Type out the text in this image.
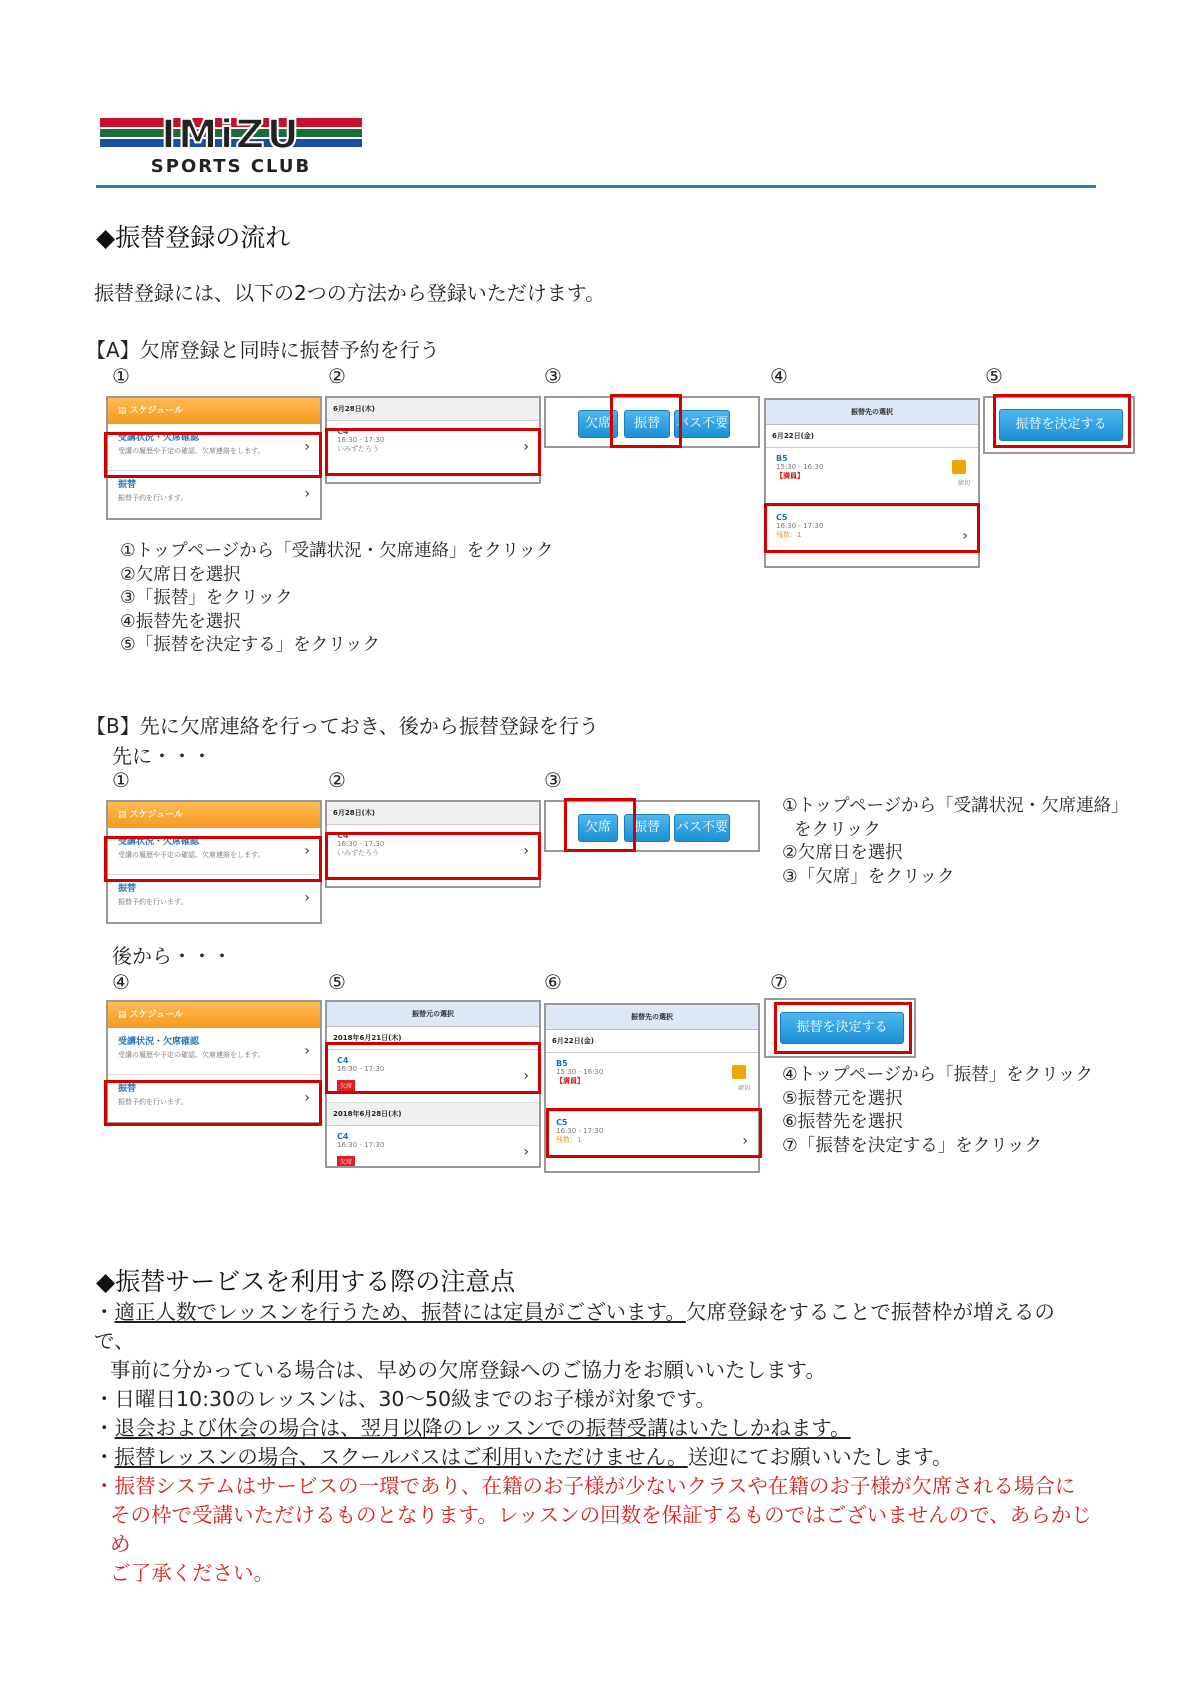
IMiZU
SPORTS CLUB
◆振替登録の流れ
振替登録には、以下の2つの方法から登録いただけます。
【A】欠席登録と同時に振替予約を行う
①	②	③	④	⑤
▤ スケジュール
受講状況・欠席確認
受講の履歴や予定の確認、欠席連絡をします。	›
振替
振替予約を行います。	›
6月28日(木)
C4
16:30 - 17:30
いみずたろう	›
欠席	振替	バス不要
振替先の選択
6月22日(金)
B5
15:30 - 16:30
【満員】
締切
C5
16:30 - 17:30
残数：1	›
振替を決定する
①トップページから「受講状況・欠席連絡」をクリック
②欠席日を選択
③「振替」をクリック
④振替先を選択
⑤「振替を決定する」をクリック
【B】先に欠席連絡を行っておき、後から振替登録を行う
先に・・・
①	②	③
▤ スケジュール
受講状況・欠席確認
受講の履歴や予定の確認、欠席連絡をします。	›
振替
振替予約を行います。	›
6月28日(木)
C4
16:30 - 17:30
いみずたろう	›
欠席	振替	バス不要
①トップページから「受講状況・欠席連絡」
をクリック
②欠席日を選択
③「欠席」をクリック
後から・・・
④	⑤	⑥	⑦
▤ スケジュール
受講状況・欠席確認
受講の履歴や予定の確認、欠席連絡をします。	›
振替
振替予約を行います。	›
振替元の選択
2018年6月21日(木)
C4
16:30 - 17:30
欠席
›
2018年6月28日(木)
C4
16:30 - 17:30
欠席
›
振替先の選択
6月22日(金)
B5
15:30 - 16:30
【満員】
締切
C5
16:30 - 17:30
残数：1	›
振替を決定する
④トップページから「振替」をクリック
⑤振替元を選択
⑥振替先を選択
⑦「振替を決定する」をクリック
◆振替サービスを利用する際の注意点
・適正人数でレッスンを行うため、振替には定員がございます。欠席登録をすることで振替枠が増えるので、
事前に分かっている場合は、早めの欠席登録へのご協力をお願いいたします。
・日曜日10:30のレッスンは、30〜50級までのお子様が対象です。
・退会および休会の場合は、翌月以降のレッスンでの振替受講はいたしかねます。
・振替レッスンの場合、スクールバスはご利用いただけません。送迎にてお願いいたします。
・振替システムはサービスの一環であり、在籍のお子様が少ないクラスや在籍のお子様が欠席される場合に
その枠で受講いただけるものとなります。レッスンの回数を保証するものではございませんので、あらかじめ
ご了承ください。
